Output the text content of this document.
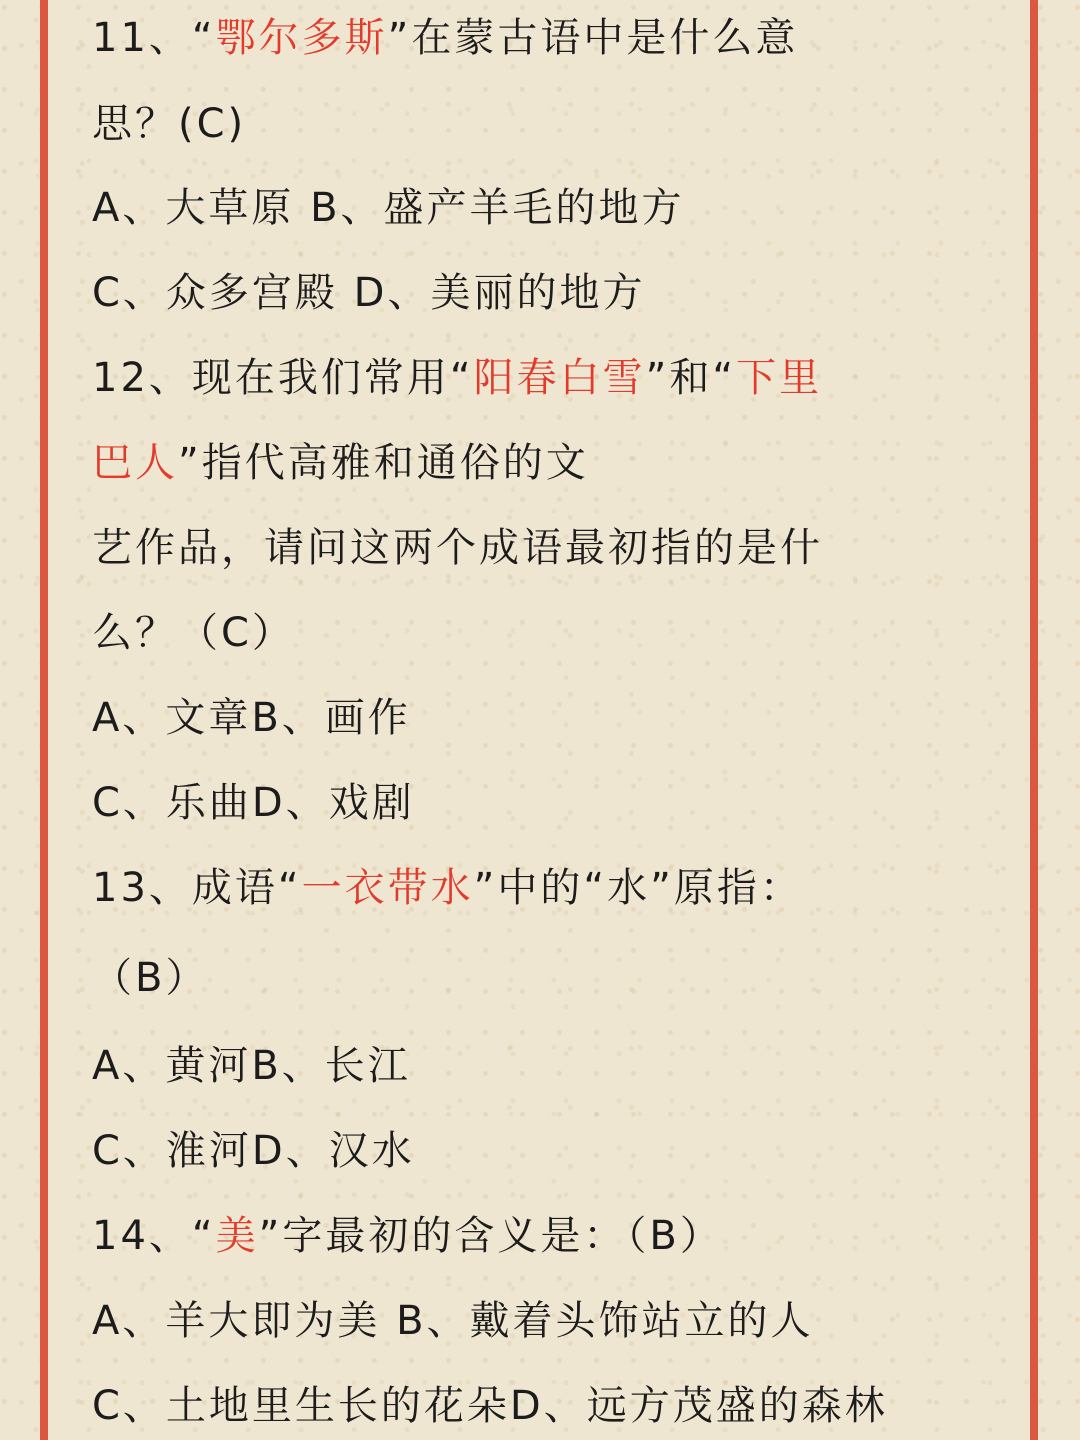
11、“鄂尔多斯”在蒙古语中是什么意
思？(C)
A、大草原 B、盛产羊毛的地方
C、众多宫殿 D、美丽的地方
12、现在我们常用“阳春白雪”和“下里
巴人”指代高雅和通俗的文
艺作品，请问这两个成语最初指的是什
么？（C）
A、文章B、画作
C、乐曲D、戏剧
13、成语“一衣带水”中的“水”原指：
（B）
A、黄河B、长江
C、淮河D、汉水
14、“美”字最初的含义是：（B）
A、羊大即为美 B、戴着头饰站立的人
C、土地里生长的花朵D、远方茂盛的森林
